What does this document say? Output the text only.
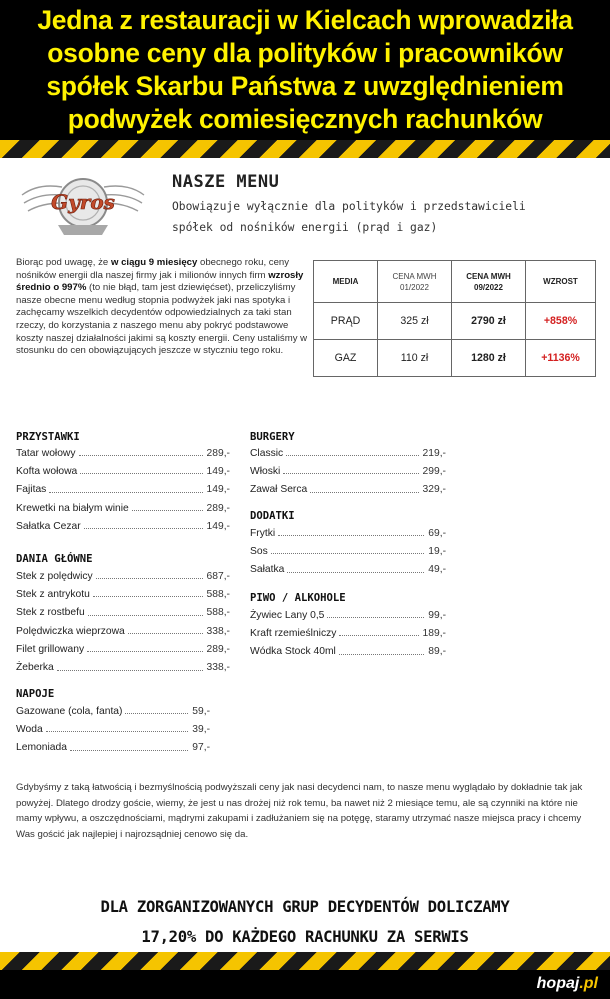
Jedna z restauracji w Kielcach wprowadziła
osobne ceny dla polityków i pracowników
spółek Skarbu Państwa z uwzględnieniem
podwyżek comiesięcznych rachunków
Gyros
NASZE MENU
Obowiązuje wyłącznie dla polityków i przedstawicieli
spółek od nośników energii (prąd i gaz)
Biorąc pod uwagę, że w ciągu 9 miesięcy obecnego roku, ceny nośników energii dla naszej firmy jak i milionów innych firm wzrosły średnio o 997% (to nie błąd, tam jest dziewięćset), przeliczyliśmy nasze obecne menu według stopnia podwyżek jaki nas spotyka i zachęcamy wszelkich decydentów odpowiedzialnych za taki stan rzeczy, do korzystania z naszego menu aby pokryć podstawowe koszty naszej działalności jakimi są koszty energii. Ceny ustaliśmy w stosunku do cen obowiązujących jeszcze w styczniu tego roku.
MEDIA	CENA MWH 01/2022	CENA MWH 09/2022	WZROST
PRĄD	325 zł	2790 zł	+858%
GAZ	110 zł	1280 zł	+1136%
PRZYSTAWKI
Tatar wołowy	289,-
Kofta wołowa	149,-
Fajitas	149,-
Krewetki na białym winie	289,-
Sałatka Cezar	149,-
DANIA GŁÓWNE
Stek z polędwicy	687,-
Stek z antrykotu	588,-
Stek z rostbefu	588,-
Polędwiczka wieprzowa	338,-
Filet grillowany	289,-
Żeberka	338,-
NAPOJE
Gazowane (cola, fanta)	59,-
Woda	39,-
Lemoniada	97,-
BURGERY
Classic	219,-
Włoski	299,-
Zawał Serca	329,-
DODATKI
Frytki	69,-
Sos	19,-
Sałatka	49,-
PIWO / ALKOHOLE
Żywiec Lany 0,5	99,-
Kraft rzemieślniczy	189,-
Wódka Stock 40ml	89,-
Gdybyśmy z taką łatwością i bezmyślnością podwyższali ceny jak nasi decydenci nam, to nasze menu wyglądało by dokładnie tak jak powyżej. Dlatego drodzy goście, wiemy, że jest u nas drożej niż rok temu, ba nawet niż 2 miesiące temu, ale są czynniki na które nie mamy wpływu, a oszczędnościami, mądrymi zakupami i zadłużaniem się na potęgę, staramy utrzymać nasze miejsca pracy i chcemy Was gościć jak najlepiej i najrozsądniej cenowo się da.
DLA ZORGANIZOWANYCH GRUP DECYDENTÓW DOLICZAMY
17,20% DO KAŻDEGO RACHUNKU ZA SERWIS
hopaj.pl
